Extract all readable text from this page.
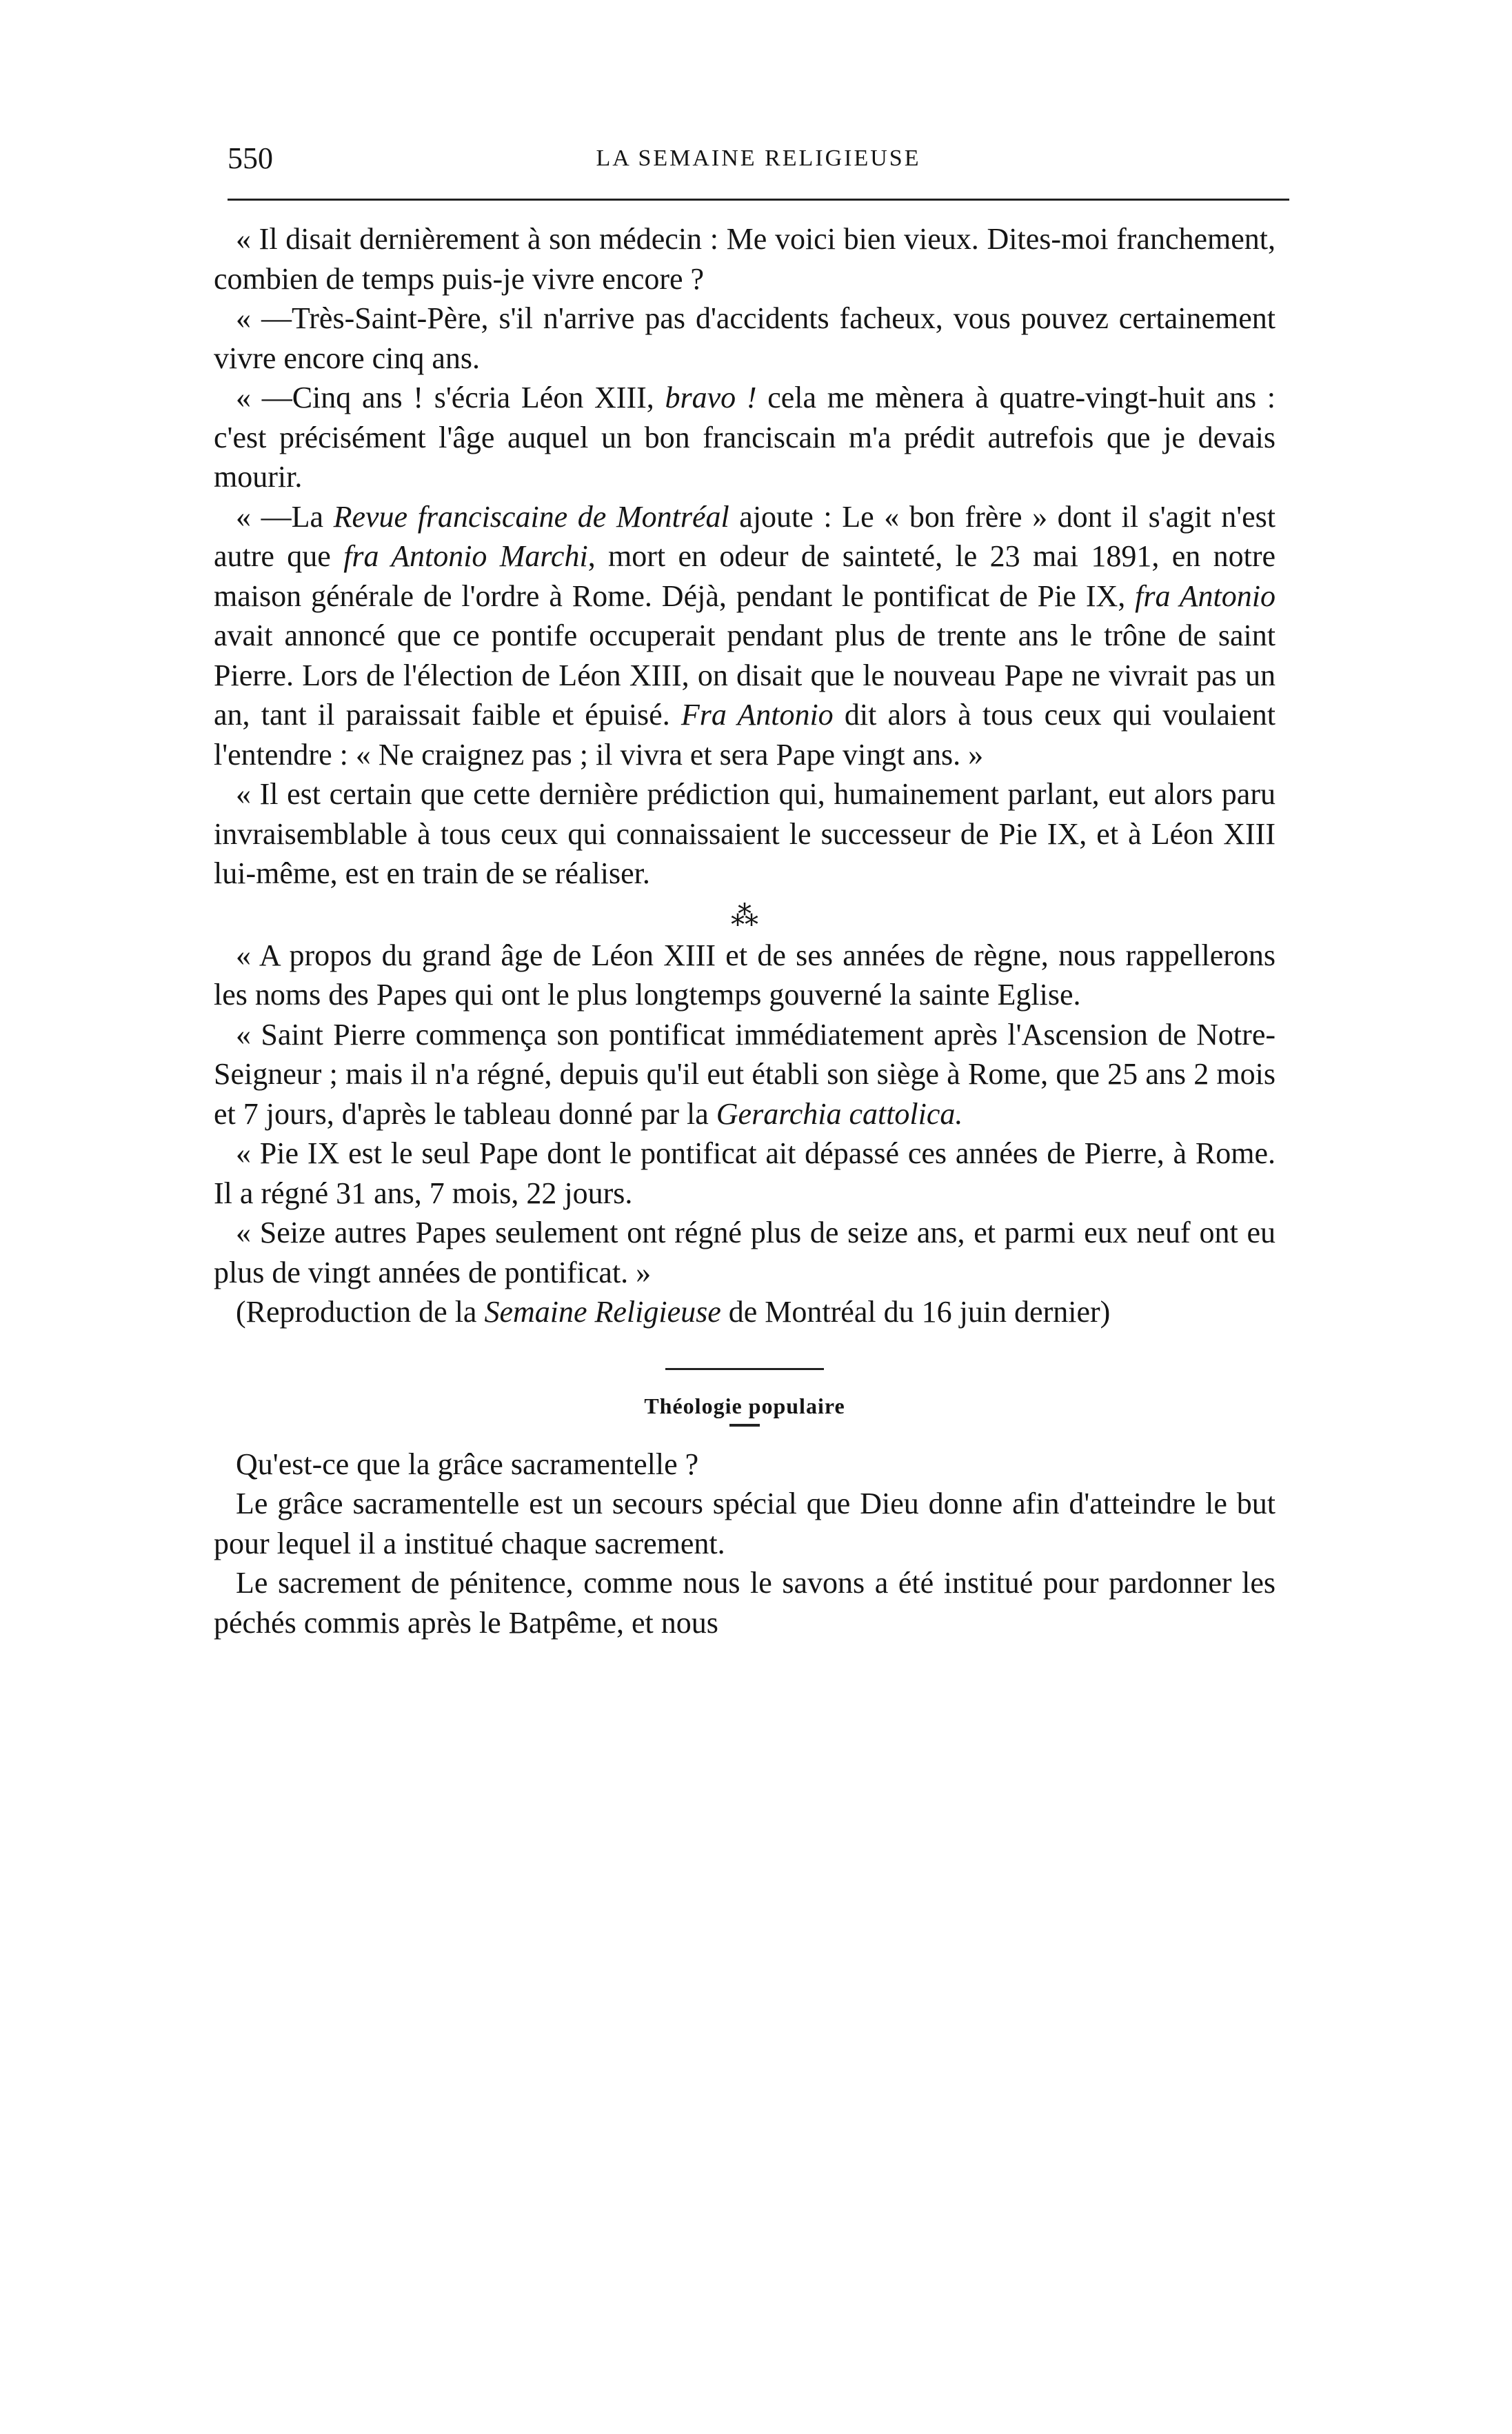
550	LA SEMAINE RELIGIEUSE

« Il disait dernièrement à son médecin : Me voici bien vieux. Dites-moi franchement, combien de temps puis-je vivre encore ?

« —Très-Saint-Père, s'il n'arrive pas d'accidents facheux, vous pouvez certainement vivre encore cinq ans.

« —Cinq ans ! s'écria Léon XIII, bravo ! cela me mènera à quatre-vingt-huit ans : c'est précisément l'âge auquel un bon franciscain m'a prédit autrefois que je devais mourir.

« —La Revue franciscaine de Montréal ajoute : Le « bon frère » dont il s'agit n'est autre que fra Antonio Marchi, mort en odeur de sainteté, le 23 mai 1891, en notre maison générale de l'ordre à Rome. Déjà, pendant le pontificat de Pie IX, fra Antonio avait annoncé que ce pontife occuperait pendant plus de trente ans le trône de saint Pierre. Lors de l'élection de Léon XIII, on disait que le nouveau Pape ne vivrait pas un an, tant il paraissait faible et épuisé. Fra Antonio dit alors à tous ceux qui voulaient l'entendre : « Ne craignez pas ; il vivra et sera Pape vingt ans. »

« Il est certain que cette dernière prédiction qui, humainement parlant, eut alors paru invraisemblable à tous ceux qui connaissaient le successeur de Pie IX, et à Léon XIII lui-même, est en train de se réaliser.

⁂

« A propos du grand âge de Léon XIII et de ses années de règne, nous rappellerons les noms des Papes qui ont le plus longtemps gouverné la sainte Eglise.

« Saint Pierre commença son pontificat immédiatement après l'Ascension de Notre-Seigneur ; mais il n'a régné, depuis qu'il eut établi son siège à Rome, que 25 ans 2 mois et 7 jours, d'après le tableau donné par la Gerarchia cattolica.

« Pie IX est le seul Pape dont le pontificat ait dépassé ces années de Pierre, à Rome. Il a régné 31 ans, 7 mois, 22 jours.

« Seize autres Papes seulement ont régné plus de seize ans, et parmi eux neuf ont eu plus de vingt années de pontificat. »

(Reproduction de la Semaine Religieuse de Montréal du 16 juin dernier)

Théologie populaire

Qu'est-ce que la grâce sacramentelle ?

Le grâce sacramentelle est un secours spécial que Dieu donne afin d'atteindre le but pour lequel il a institué chaque sacrement.

Le sacrement de pénitence, comme nous le savons a été institué pour pardonner les péchés commis après le Batpême, et nous
